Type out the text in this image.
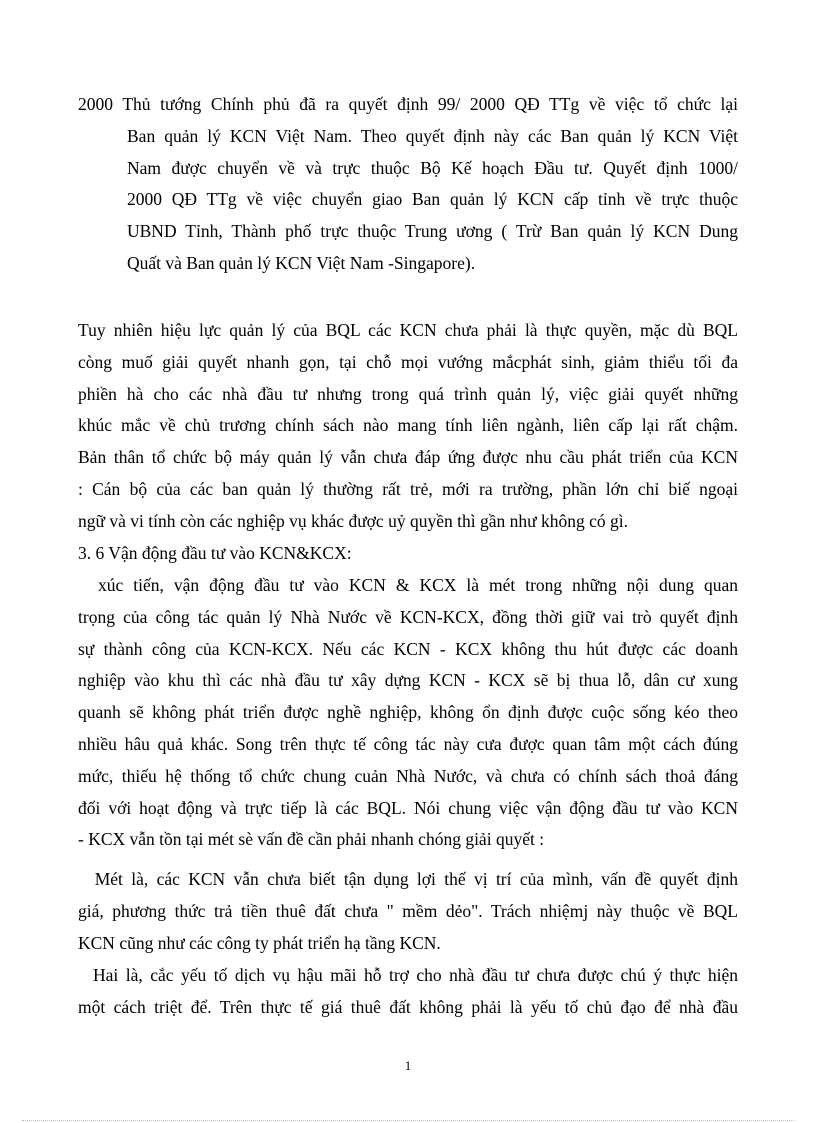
2000 Thủ tướng Chính phủ đã ra quyết định 99/ 2000 QĐ TTg về việc tổ chức lại
Ban quản lý KCN Việt Nam. Theo quyết định này các Ban quản lý KCN Việt
Nam được chuyển về và trực thuộc Bộ Kế hoạch Đầu tư. Quyết định 1000/
2000 QĐ TTg về việc chuyển giao Ban quản lý KCN cấp tỉnh về trực thuộc
UBND Tỉnh, Thành phố trực thuộc Trung ương ( Trừ Ban quản lý KCN Dung
Quất và Ban quản lý KCN Việt Nam -Singapore).
Tuy nhiên hiệu lực quản lý của BQL các KCN chưa phải là thực quyền, mặc dù BQL
còng muố giải quyết nhanh gọn, tại chỗ mọi vướng mắcphát sinh, giảm thiểu tối đa
phiền hà cho các nhà đầu tư nhưng trong quá trình quản lý, việc giải quyết những
khúc mắc về chủ trương chính sách nào mang tính liên ngành, liên cấp lại rất chậm.
Bản thân tổ chức bộ máy quản lý vẫn chưa đáp ứng được nhu cầu phát triển của KCN
: Cán bộ của các ban quản lý thường rất trẻ, mới ra trường, phần lớn chỉ biế ngoại
ngữ và vi tính còn các nghiệp vụ khác được uỷ quyền thì gần như không có gì.
3. 6 Vận động đầu tư vào KCN&KCX:
xúc tiến, vận động đầu tư vào KCN & KCX là mét trong những nội dung quan
trọng của công tác quản lý Nhà Nước về KCN-KCX, đồng thời giữ vai trò quyết định
sự thành công của KCN-KCX. Nếu các KCN - KCX không thu hút được các doanh
nghiệp vào khu thì các nhà đầu tư xây dựng KCN - KCX sẽ bị thua lỗ, dân cư xung
quanh sẽ không phát triển được nghề nghiệp, không ổn định được cuộc sống kéo theo
nhiều hâu quả khác. Song trên thực tế công tác này cưa được quan tâm một cách đúng
mức, thiếu hệ thống tổ chức chung cuản Nhà Nước, và chưa có chính sách thoả đáng
đối với hoạt động và trực tiếp là các BQL. Nói chung việc vận động đầu tư vào KCN
- KCX vẫn tồn tại mét sè vấn đề cần phải nhanh chóng giải quyết :
Mét là, các KCN vẫn chưa biết tận dụng lợi thế vị trí của mình, vấn đề quyết định
giá, phương thức trả tiền thuê đất chưa " mềm dẻo". Trách nhiệmj này thuộc về BQL
KCN cũng như các công ty phát triển hạ tầng KCN.
Hai là, cắc yếu tố dịch vụ hậu mãi hỗ trợ cho nhà đầu tư chưa được chú ý thực hiện
một cách triệt để. Trên thực tế giá thuê đất không phải là yếu tố chủ đạo để nhà đầu
1
